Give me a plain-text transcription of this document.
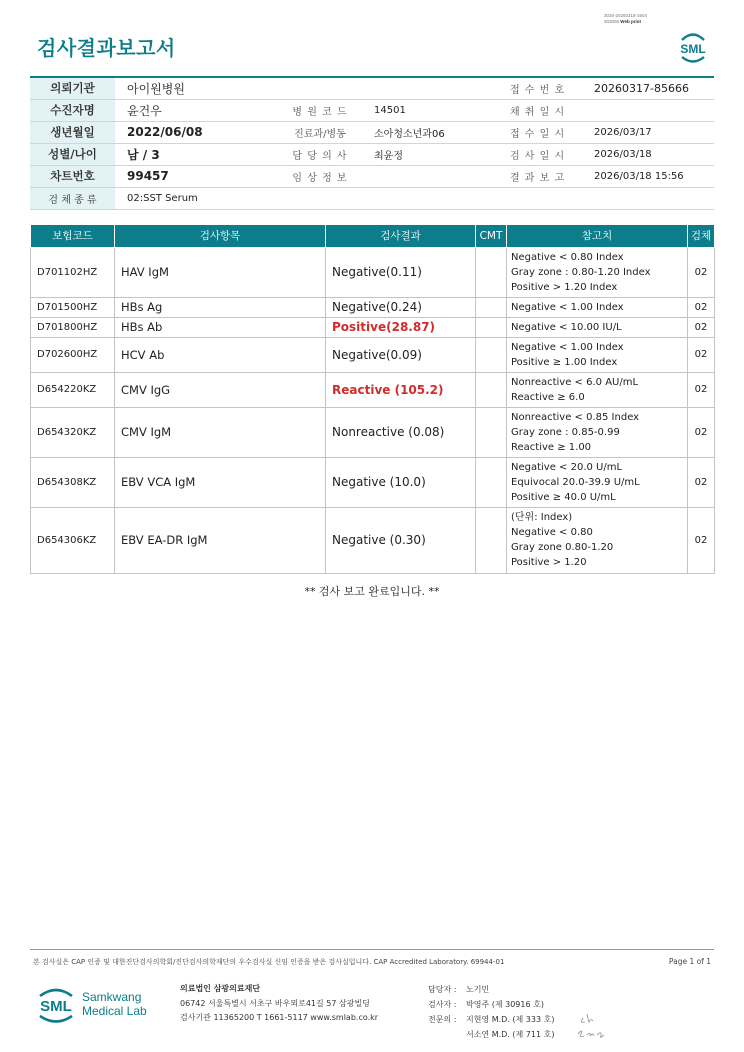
3030-20260318-1604
303006 Web print
검사결과보고서	SML
의뢰기관	아이원병원			접 수 번 호	20260317-85666
수진자명	윤건우	병 원 코 드	14501	채 취 일 시	
생년월일	2022/06/08	진료과/병동	소아청소년과06	접 수 일 시	2026/03/17
성별/나이	남 / 3	담 당 의 사	최윤정	검 사 일 시	2026/03/18
차트번호	99457	임 상 정 보		결 과 보 고	2026/03/18 15:56
검 체 종 류	02:SST Serum				
보험코드	검사항목	검사결과	CMT	참고치	검체
D701102HZ	HAV IgM	Negative(0.11)		Negative < 0.80 Index
Gray zone : 0.80-1.20 Index
Positive > 1.20 Index	02
D701500HZ	HBs Ag	Negative(0.24)		Negative < 1.00 Index	02
D701800HZ	HBs Ab	Positive(28.87)		Negative < 10.00 IU/L	02
D702600HZ	HCV Ab	Negative(0.09)		Negative < 1.00 Index
Positive ≥ 1.00 Index	02
D654220KZ	CMV IgG	Reactive (105.2)		Nonreactive < 6.0 AU/mL
Reactive ≥ 6.0	02
D654320KZ	CMV IgM	Nonreactive (0.08)		Nonreactive < 0.85 Index
Gray zone : 0.85-0.99
Reactive ≥ 1.00	02
D654308KZ	EBV VCA IgM	Negative (10.0)		Negative < 20.0 U/mL
Equivocal 20.0-39.9 U/mL
Positive ≥ 40.0 U/mL	02
D654306KZ	EBV EA-DR IgM	Negative (0.30)		(단위: Index)
Negative < 0.80
Gray zone 0.80-1.20
Positive > 1.20	02
** 검사 보고 완료입니다. **
본 검사실은 CAP 인증 및 대한진단검사의학회/진단검사의학재단의 우수검사실 신임 인증을 받은 검사실입니다. CAP Accredited Laboratory. 69944-01	Page 1 of 1
SML
Samkwang
Medical Lab
의료법인 삼광의료재단
06742 서울특별시 서초구 바우뫼로41길 57 삼광빌딩
검사기관 11365200 T 1661-5117 www.smlab.co.kr
담당자 :	노기민
검사자 :	박영주 (제 30916 호)
전문의 :	지현영 M.D. (제 333 호)
서소연 M.D. (제 711 호)
